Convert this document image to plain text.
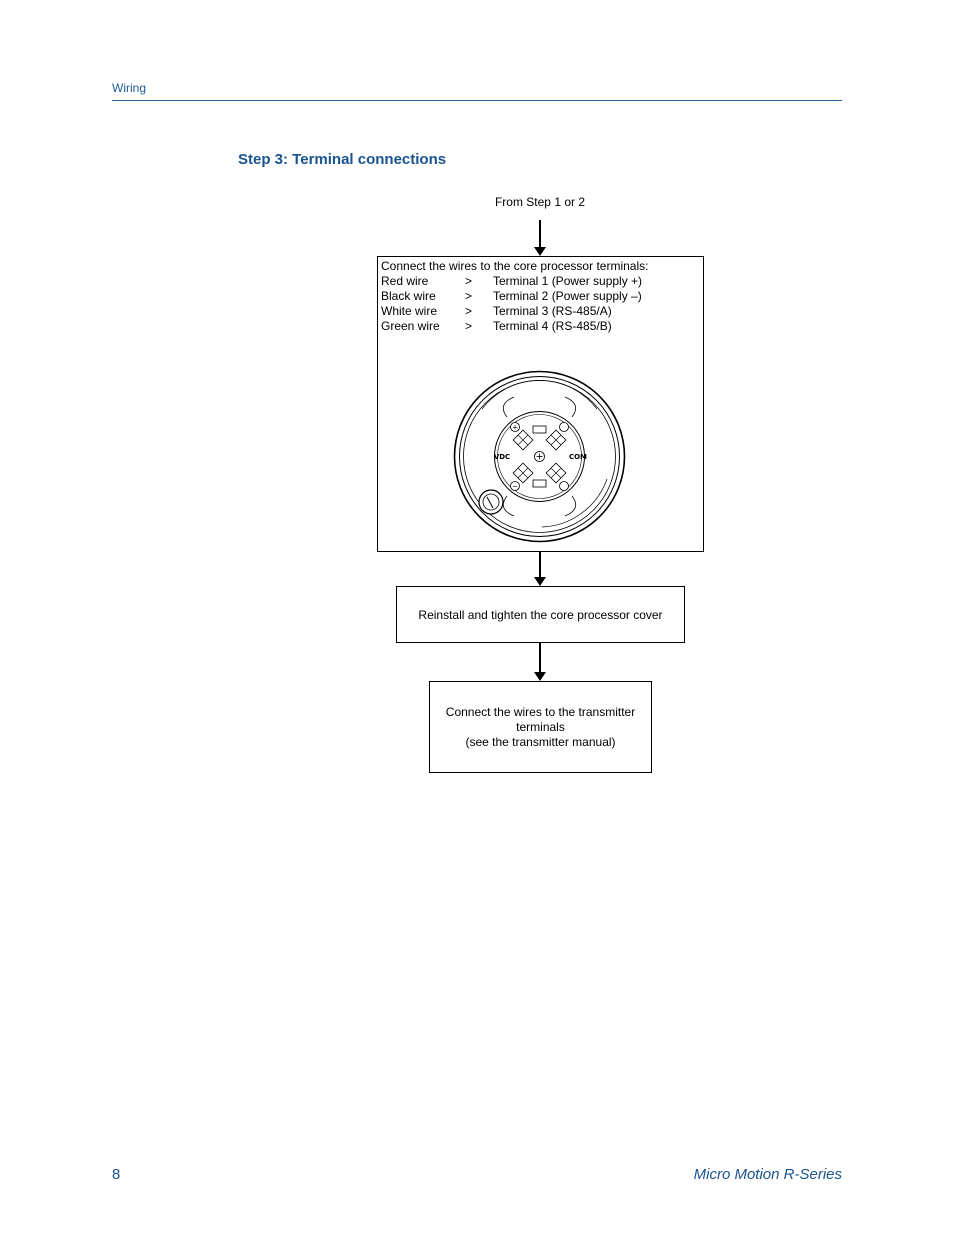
Wiring
Step 3: Terminal connections
From Step 1 or 2
Connect the wires to the core processor terminals:
Red wire	> Terminal 1 (Power supply +)
Black wire > Terminal 2 (Power supply –)
White wire > Terminal 3 (RS-485/A)
Green wire > Terminal 4 (RS-485/B)
+
−
VDC	COM
Reinstall and tighten the core processor cover
Connect the wires to the transmitter terminals
(see the transmitter manual)
8	Micro Motion R-Series
